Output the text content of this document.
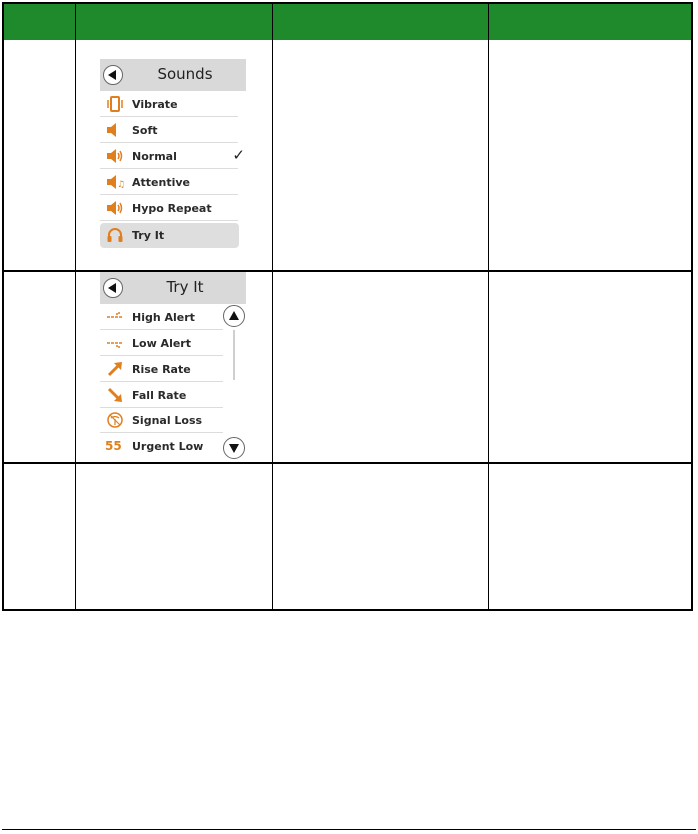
Sounds
Vibrate
Soft
Normal	✓
♫ Attentive
Hypo Repeat
Try It
Try It
High Alert
Low Alert
Rise Rate
Fall Rate
Signal Loss
55 Urgent Low
